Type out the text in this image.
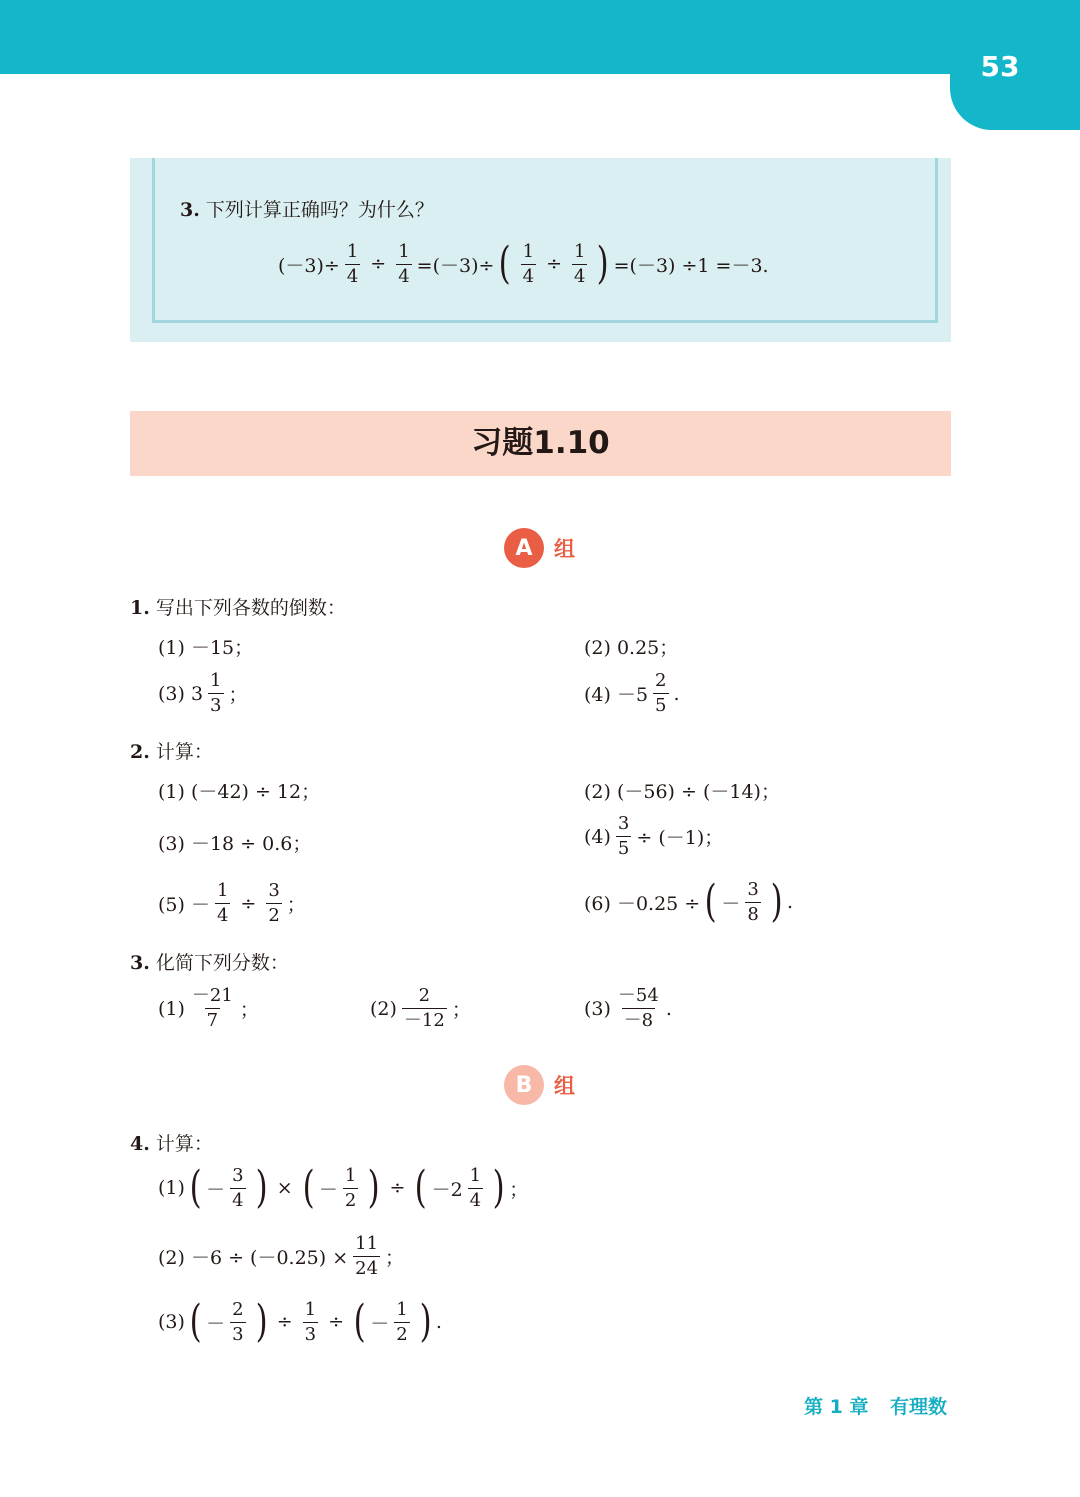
53
3. 下列计算正确吗？为什么？
$(-3)\div \frac{1}{4} \div \frac{1}{4} =(-3)\div$ ( $\frac{1}{4} \div \frac{1}{4}$ ) =(－3) ÷1 =－3.
习题1.10
A	组
1. 写出下列各数的倒数：
(1) －15；	(2) 0.25；
(3) $3 \frac{1}{3}$ ；	$(4) -5 \frac{2}{5}$ .
2. 计算：
(1) (－42) ÷ 12；	(2) (－56) ÷ (－14)；
(3) －18 ÷ 0.6；	$(4) \frac{3}{5} \div (-1)$；
$(5) - \frac{1}{4} \div \frac{3}{2}$ ；	(6) －0.25 ÷ ( － $\frac{3}{8}$ ) .
3. 化简下列分数：
$(1) \frac{-21}{7}$ ；	$(2) \frac{2}{-12}$ ；	$(3) \frac{-54}{-8}$ .
B	组
4. 计算：
(1) ( － $\frac{3}{4}$ ) × ( － $\frac{1}{2}$ ) ÷ ( $-2 \frac{1}{4}$ ) ；
$(2) -6 \div (-0.25) \times \frac{11}{24}$ ；
(3) ( － $\frac{2}{3}$ ) ÷ $\frac{1}{3}$ ÷ ( － $\frac{1}{2}$ ) .
第 1 章 有理数
